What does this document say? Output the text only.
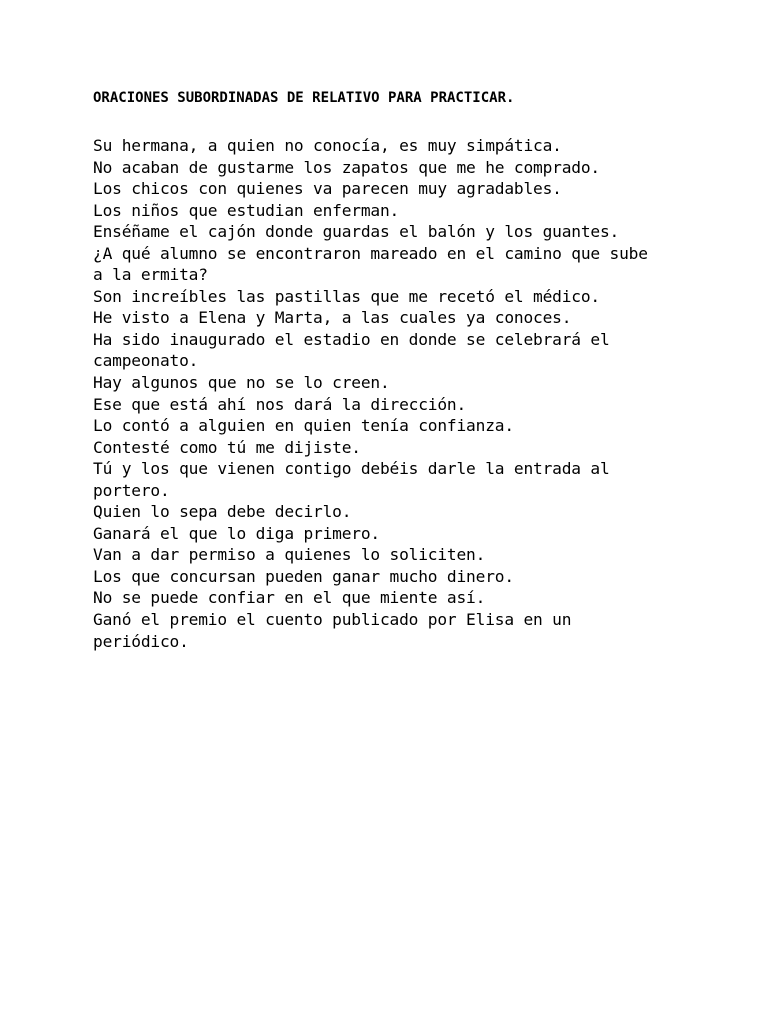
ORACIONES SUBORDINADAS DE RELATIVO PARA PRACTICAR.
Su hermana, a quien no conocía, es muy simpática.
No acaban de gustarme los zapatos que me he comprado.
Los chicos con quienes va parecen muy agradables.
Los niños que estudian enferman.
Enséñame el cajón donde guardas el balón y los guantes.
¿A qué alumno se encontraron mareado en el camino que sube
a la ermita?
Son increíbles las pastillas que me recetó el médico.
He visto a Elena y Marta, a las cuales ya conoces.
Ha sido inaugurado el estadio en donde se celebrará el
campeonato.
Hay algunos que no se lo creen.
Ese que está ahí nos dará la dirección.
Lo contó a alguien en quien tenía confianza.
Contesté como tú me dijiste.
Tú y los que vienen contigo debéis darle la entrada al
portero.
Quien lo sepa debe decirlo.
Ganará el que lo diga primero.
Van a dar permiso a quienes lo soliciten.
Los que concursan pueden ganar mucho dinero.
No se puede confiar en el que miente así.
Ganó el premio el cuento publicado por Elisa en un
periódico.
